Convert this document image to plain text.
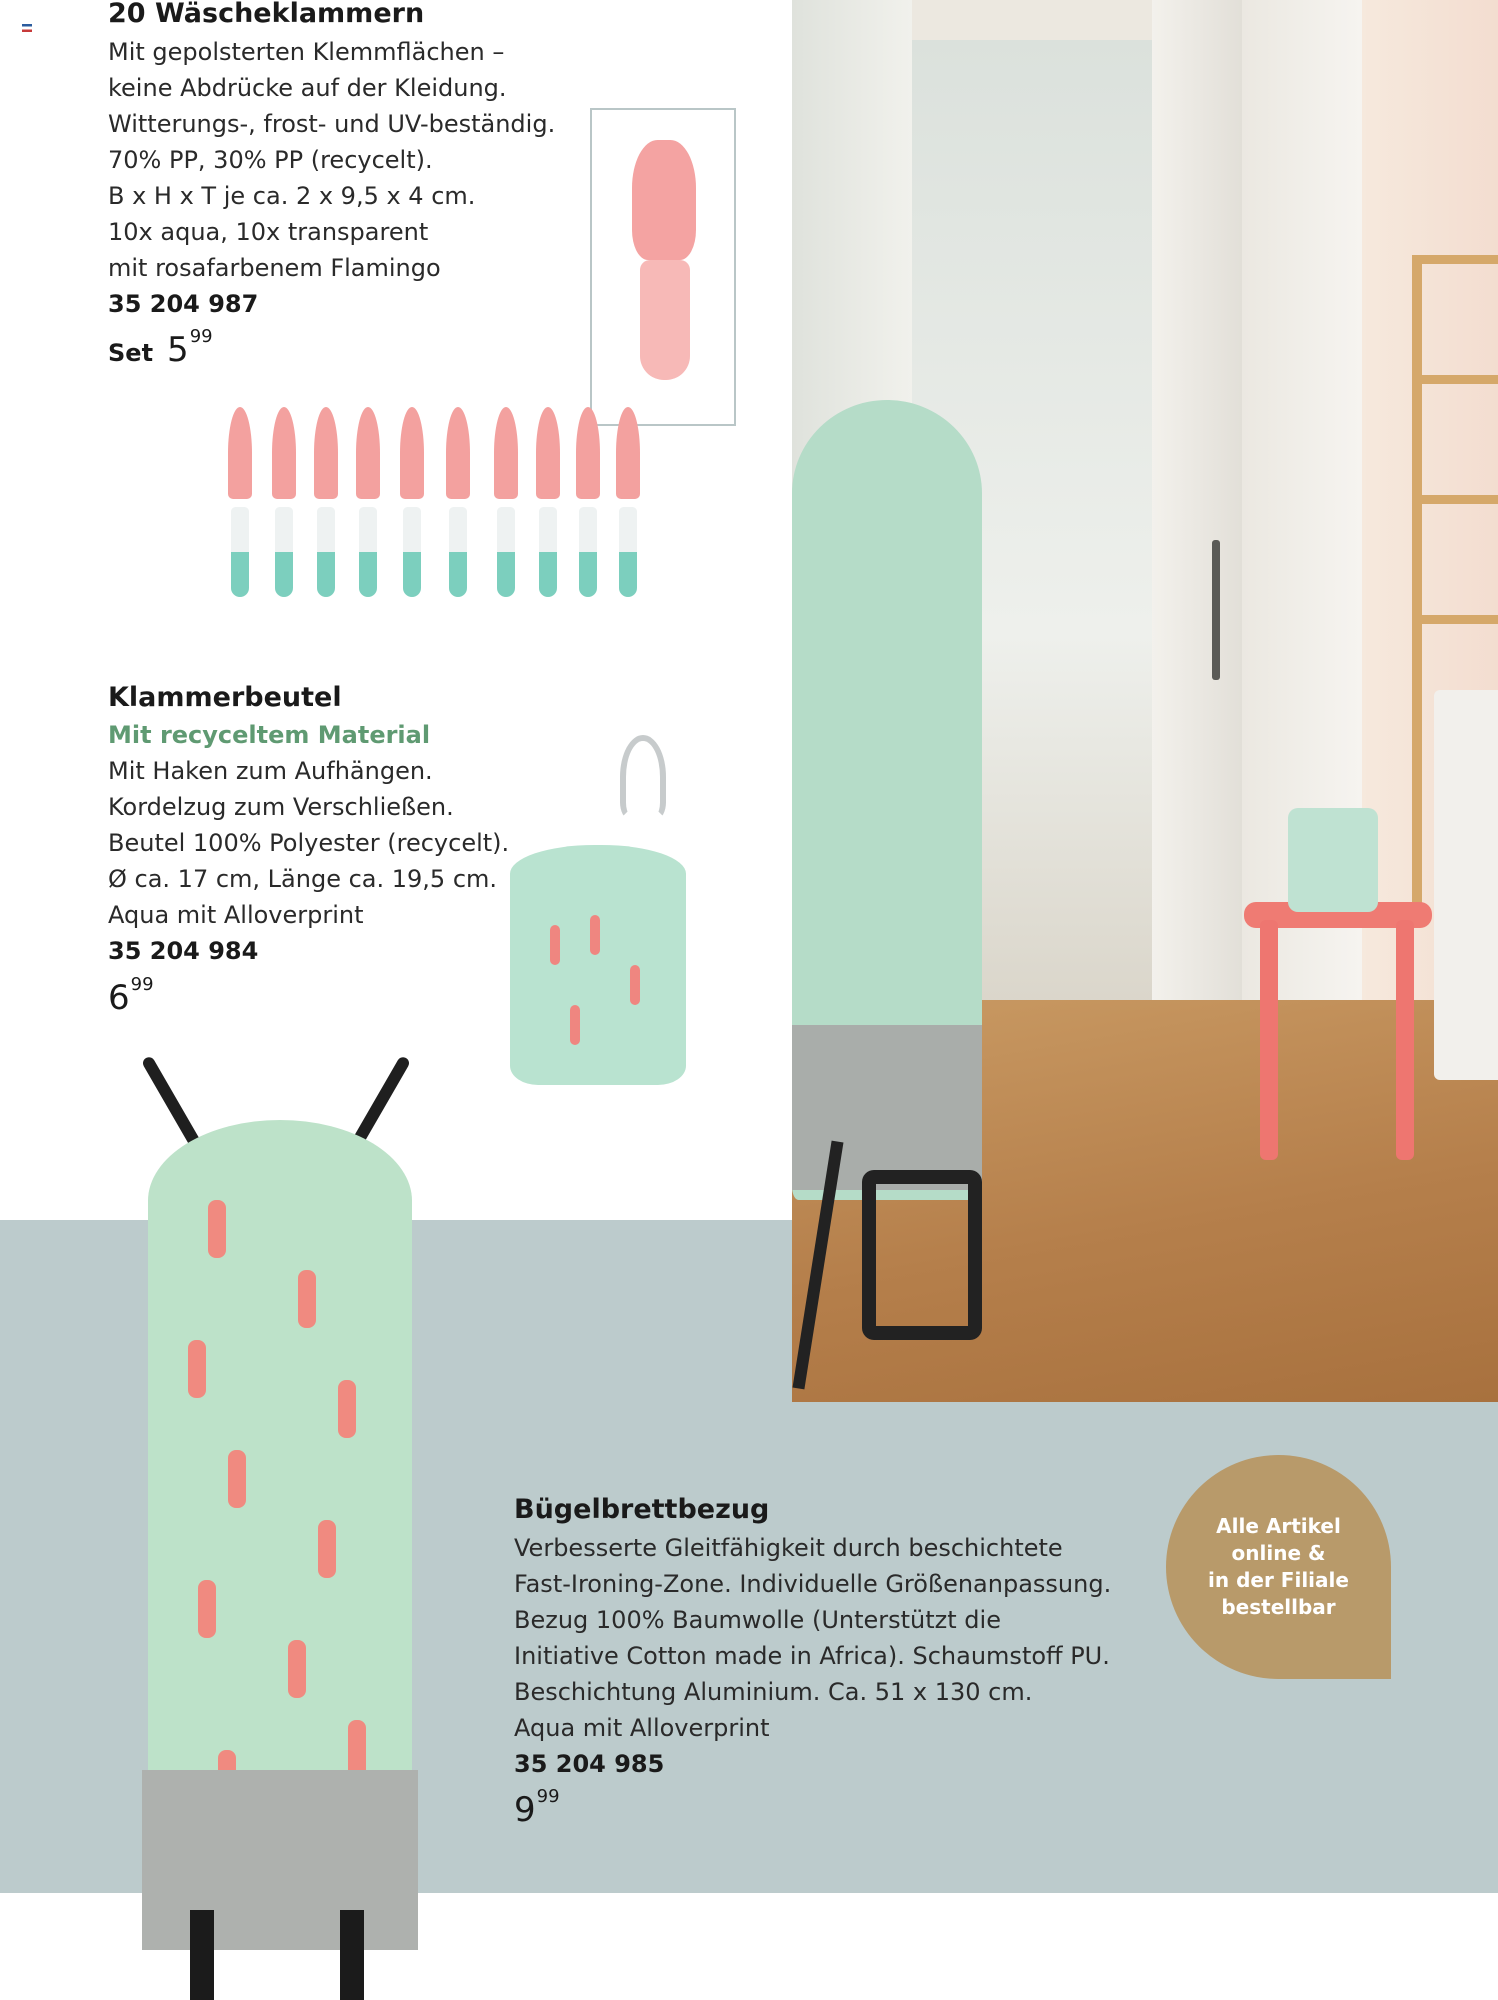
20 Wäscheklammern
Mit gepolsterten Klemmflächen –
keine Abdrücke auf der Kleidung.
Witterungs-, frost- und UV-beständig.
70% PP, 30% PP (recycelt).
B x H x T je ca. 2 x 9,5 x 4 cm.
10x aqua, 10x transparent
mit rosafarbenem Flamingo
35 204 987
Set $5^{99}$
Klammerbeutel
Mit recyceltem Material
Mit Haken zum Aufhängen.
Kordelzug zum Verschließen.
Beutel 100% Polyester (recycelt).
Ø ca. 17 cm, Länge ca. 19,5 cm.
Aqua mit Alloverprint
35 204 984
$6^{99}$
Bügelbrettbezug
Verbesserte Gleitfähigkeit durch beschichtete
Fast-Ironing-Zone. Individuelle Größenanpassung.
Bezug 100% Baumwolle (Unterstützt die
Initiative Cotton made in Africa). Schaumstoff PU.
Beschichtung Aluminium. Ca. 51 x 130 cm.
Aqua mit Alloverprint
35 204 985
$9^{99}$
Alle Artikel
online &
in der Filiale
bestellbar
